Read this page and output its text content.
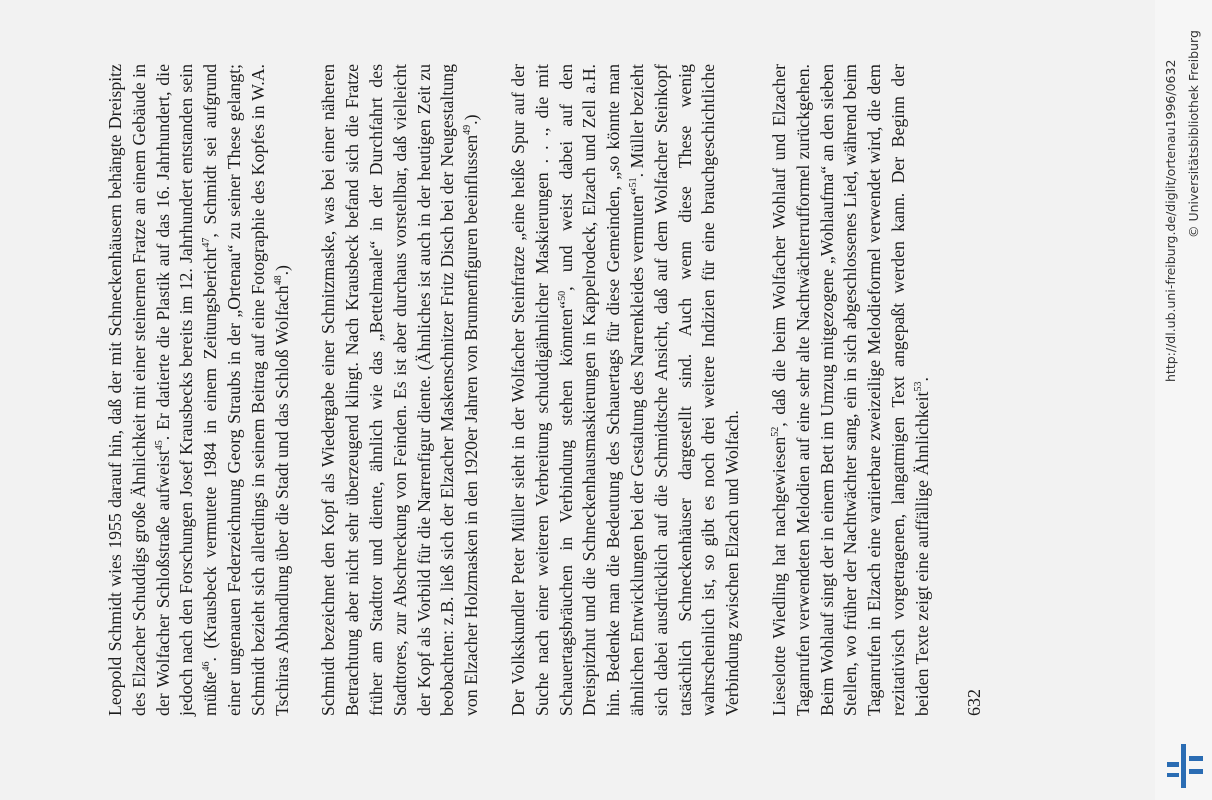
Leopold Schmidt wies 1955 darauf hin, daß der mit Schneckenhäusern behängte Dreispitz des Elzacher Schuddigs große Ähnlichkeit mit einer steinernen Fratze an einem Gebäude in der Wolfacher Schloßstraße aufweist$^{45}$. Er datierte die Plastik auf das 16. Jahrhundert, die jedoch nach den Forschungen Josef Krausbecks bereits im 12. Jahrhundert entstanden sein müßte$^{46}$. (Krausbeck vermutete 1984 in einem Zeitungsbericht$^{47}$, Schmidt sei aufgrund einer ungenauen Federzeichnung Georg Straubs in der „Ortenau“ zu seiner These gelangt; Schmidt bezieht sich allerdings in seinem Beitrag auf eine Fotographie des Kopfes in W.A. Tschiras Abhandlung über die Stadt und das Schloß Wolfach$^{48}$.) Schmidt bezeichnet den Kopf als Wiedergabe einer Schnitzmaske, was bei einer näheren Betrachtung aber nicht sehr überzeugend klingt. Nach Krausbeck befand sich die Fratze früher am Stadttor und diente, ähnlich wie das „Bettelmaale“ in der Durchfahrt des Stadttores, zur Abschreckung von Feinden. Es ist aber durchaus vorstellbar, daß vielleicht der Kopf als Vorbild für die Narrenfigur diente. (Ähnliches ist auch in der heutigen Zeit zu beobachten: z.B. ließ sich der Elzacher Maskenschnitzer Fritz Disch bei der Neugestaltung von Elzacher Holzmasken in den 1920er Jahren von Brunnenfiguren beeinflussen$^{49}$.) Der Volkskundler Peter Müller sieht in der Wolfacher Steinfratze „eine heiße Spur auf der Suche nach einer weiteren Verbreitung schuddigähnlicher Maskierungen . . ., die mit Schauertagsbräuchen in Verbindung stehen könnten“$^{50}$, und weist dabei auf den Dreispitzhut und die Schneckenhausmaskierungen in Kappelrodeck, Elzach und Zell a.H. hin. Bedenke man die Bedeutung des Schauertags für diese Gemeinden, „so könnte man ähnlichen Entwicklungen bei der Gestaltung des Narrenkleides vermuten“$^{51}$. Müller bezieht sich dabei ausdrücklich auf die Schmidtsche Ansicht, daß auf dem Wolfacher Steinkopf tatsächlich Schneckenhäuser dargestellt sind. Auch wenn diese These wenig wahrscheinlich ist, so gibt es noch drei weitere Indizien für eine brauchgeschichtliche Verbindung zwischen Elzach und Wolfach. Lieselotte Wiedling hat nachgewiesen$^{52}$, daß die beim Wolfacher Wohlauf und Elzacher Taganrufen verwendeten Melodien auf eine sehr alte Nachtwächterrufformel zurückgehen. Beim Wohlauf singt der in einem Bett im Umzug mitgezogene „Wohlaufma“ an den sieben Stellen, wo früher der Nachtwächter sang, ein in sich abgeschlossenes Lied, während beim Taganrufen in Elzach eine variierbare zweizeilige Melodieformel verwendet wird, die dem rezitativisch vorgetragenen, langatmigen Text angepaßt werden kann. Der Beginn der beiden Texte zeigt eine auffällige Ähnlichkeit$^{53}$.

632
http://dl.ub.uni-freiburg.de/diglit/ortenau1996/0632 © Universitätsbibliothek Freiburg
